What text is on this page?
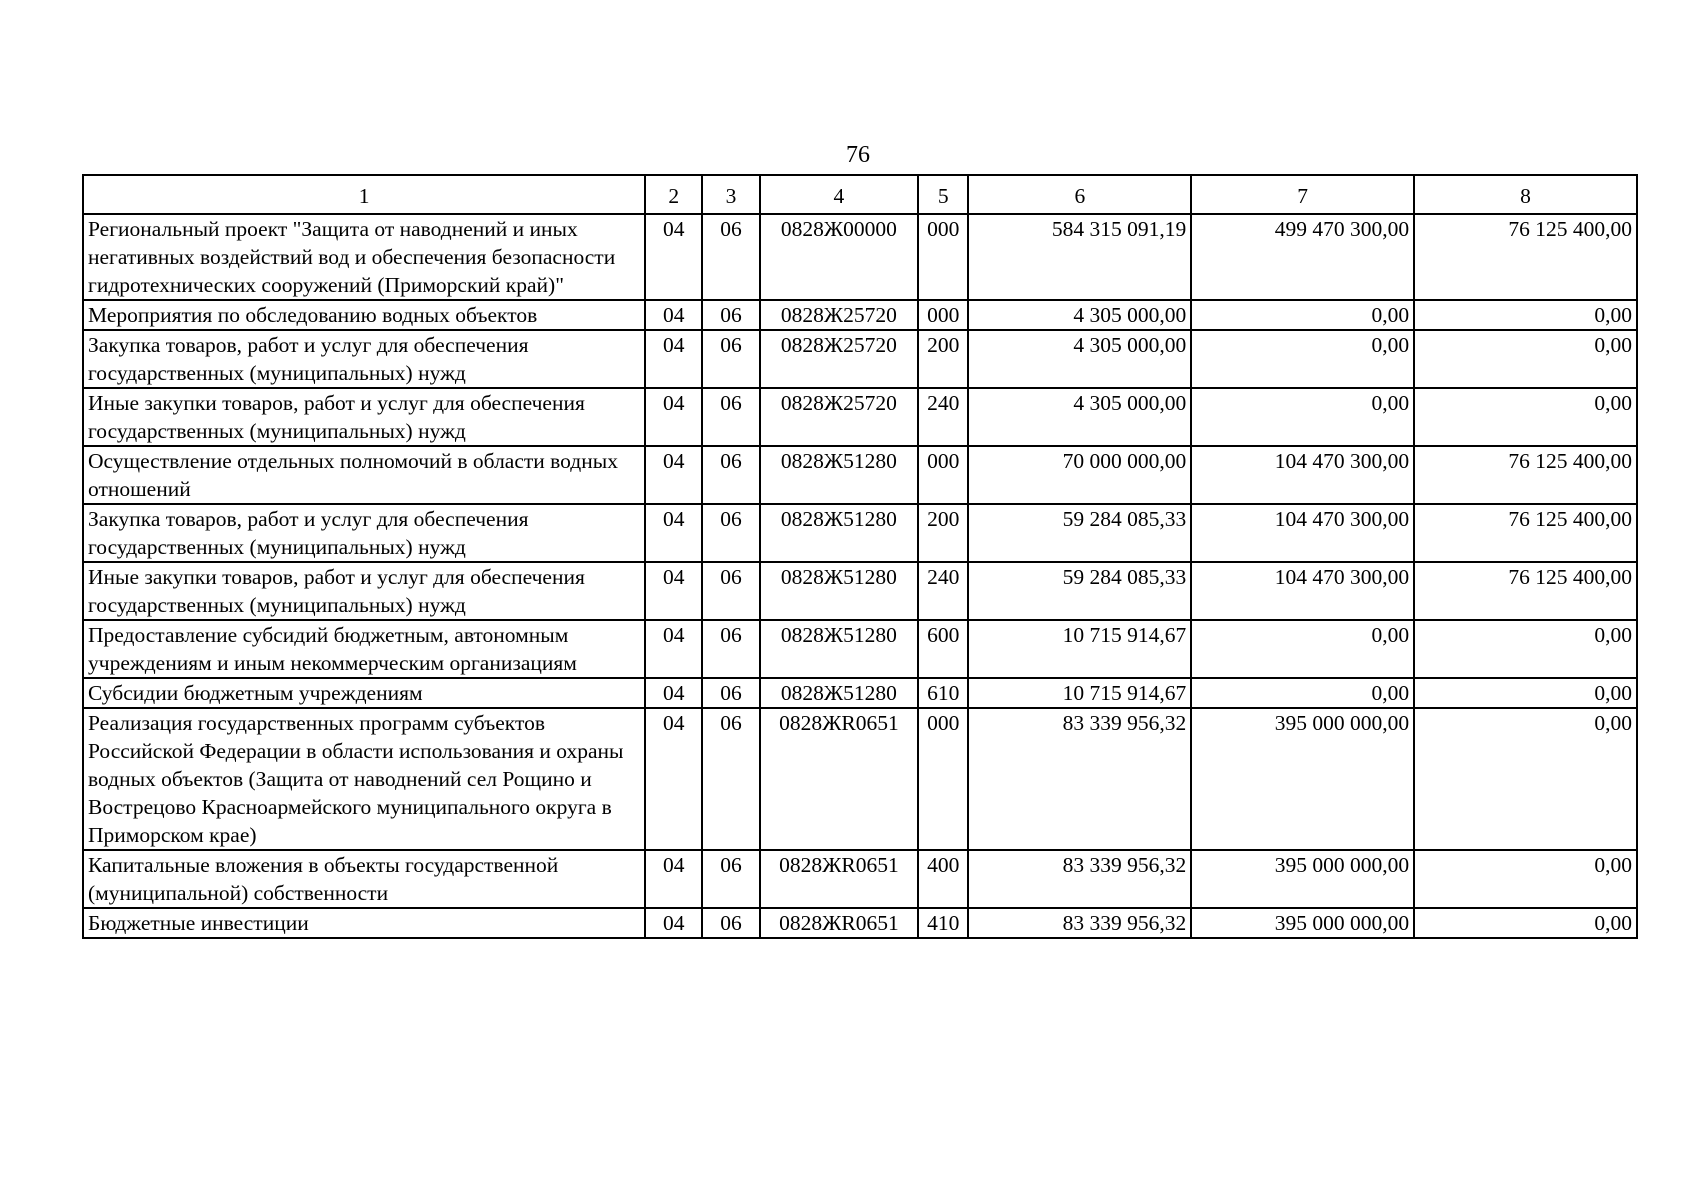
76
1	2	3	4	5	6	7	8
Региональный проект "Защита от наводнений и иных негативных воздействий вод и обеспечения безопасности гидротехнических сооружений (Приморский край)"	04	06	0828Ж00000	000	584 315 091,19	499 470 300,00	76 125 400,00
Мероприятия по обследованию водных объектов	04	06	0828Ж25720	000	4 305 000,00	0,00	0,00
Закупка товаров, работ и услуг для обеспечения государственных (муниципальных) нужд	04	06	0828Ж25720	200	4 305 000,00	0,00	0,00
Иные закупки товаров, работ и услуг для обеспечения государственных (муниципальных) нужд	04	06	0828Ж25720	240	4 305 000,00	0,00	0,00
Осуществление отдельных полномочий в области водных отношений	04	06	0828Ж51280	000	70 000 000,00	104 470 300,00	76 125 400,00
Закупка товаров, работ и услуг для обеспечения государственных (муниципальных) нужд	04	06	0828Ж51280	200	59 284 085,33	104 470 300,00	76 125 400,00
Иные закупки товаров, работ и услуг для обеспечения государственных (муниципальных) нужд	04	06	0828Ж51280	240	59 284 085,33	104 470 300,00	76 125 400,00
Предоставление субсидий бюджетным, автономным учреждениям и иным некоммерческим организациям	04	06	0828Ж51280	600	10 715 914,67	0,00	0,00
Субсидии бюджетным учреждениям	04	06	0828Ж51280	610	10 715 914,67	0,00	0,00
Реализация государственных программ субъектов Российской Федерации в области использования и охраны водных объектов (Защита от наводнений сел Рощино и Вострецово Красноармейского муниципального округа в Приморском крае)	04	06	0828ЖR0651	000	83 339 956,32	395 000 000,00	0,00
Капитальные вложения в объекты государственной (муниципальной) собственности	04	06	0828ЖR0651	400	83 339 956,32	395 000 000,00	0,00
Бюджетные инвестиции	04	06	0828ЖR0651	410	83 339 956,32	395 000 000,00	0,00
